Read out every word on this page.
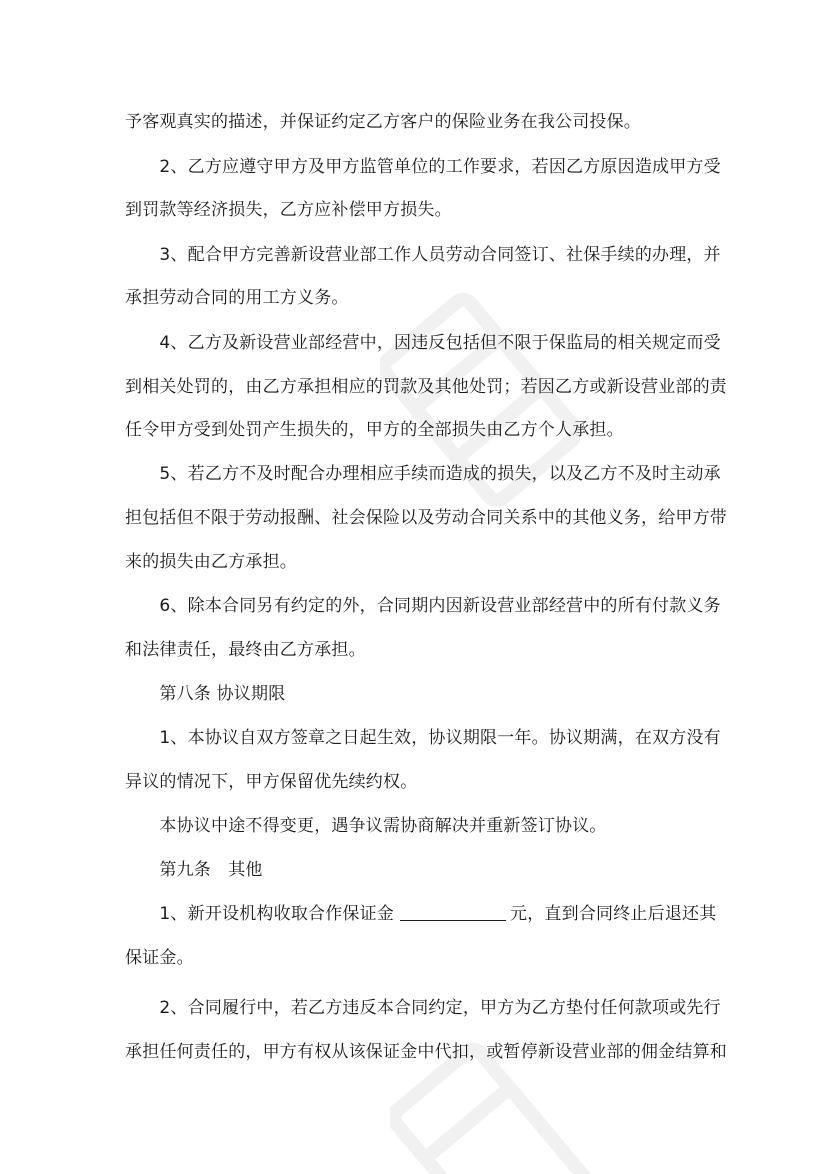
予客观真实的描述，并保证约定乙方客户的保险业务在我公司投保。
　　2、乙方应遵守甲方及甲方监管单位的工作要求，若因乙方原因造成甲方受
到罚款等经济损失，乙方应补偿甲方损失。
　　3、配合甲方完善新设营业部工作人员劳动合同签订、社保手续的办理，并
承担劳动合同的用工方义务。
　　4、乙方及新设营业部经营中，因违反包括但不限于保监局的相关规定而受
到相关处罚的，由乙方承担相应的罚款及其他处罚；若因乙方或新设营业部的责
任令甲方受到处罚产生损失的，甲方的全部损失由乙方个人承担。
　　5、若乙方不及时配合办理相应手续而造成的损失，以及乙方不及时主动承
担包括但不限于劳动报酬、社会保险以及劳动合同关系中的其他义务，给甲方带
来的损失由乙方承担。
　　6、除本合同另有约定的外，合同期内因新设营业部经营中的所有付款义务
和法律责任，最终由乙方承担。
　　第八条 协议期限
　　1、本协议自双方签章之日起生效，协议期限一年。协议期满，在双方没有
异议的情况下，甲方保留优先续约权。
　　本协议中途不得变更，遇争议需协商解决并重新签订协议。
　　第九条　其他
　　1、新开设机构收取合作保证金	元，直到合同终止后退还其
保证金。
　　2、合同履行中，若乙方违反本合同约定，甲方为乙方垫付任何款项或先行
承担任何责任的，甲方有权从该保证金中代扣，或暂停新设营业部的佣金结算和
